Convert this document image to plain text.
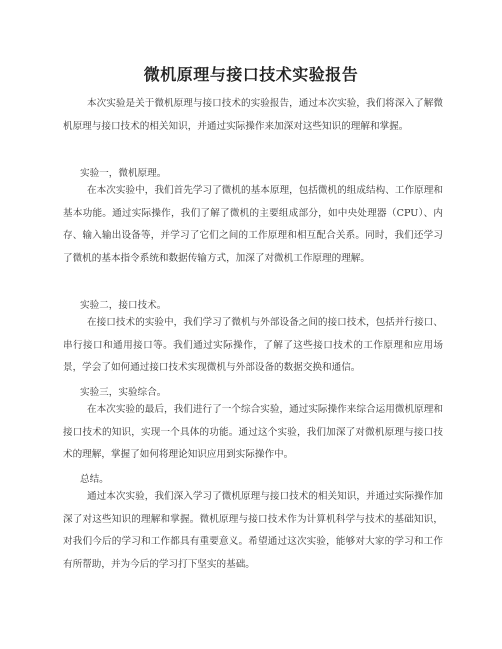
微机原理与接口技术实验报告
本次实验是关于微机原理与接口技术的实验报告，通过本次实验，我们将深入了解微机原理与接口技术的相关知识，并通过实际操作来加深对这些知识的理解和掌握。
实验一，微机原理。
在本次实验中，我们首先学习了微机的基本原理，包括微机的组成结构、工作原理和基本功能。通过实际操作，我们了解了微机的主要组成部分，如中央处理器（CPU）、内存、输入输出设备等，并学习了它们之间的工作原理和相互配合关系。同时，我们还学习了微机的基本指令系统和数据传输方式，加深了对微机工作原理的理解。
实验二，接口技术。
在接口技术的实验中，我们学习了微机与外部设备之间的接口技术，包括并行接口、串行接口和通用接口等。我们通过实际操作，了解了这些接口技术的工作原理和应用场景，学会了如何通过接口技术实现微机与外部设备的数据交换和通信。
实验三，实验综合。
在本次实验的最后，我们进行了一个综合实验，通过实际操作来综合运用微机原理和接口技术的知识，实现一个具体的功能。通过这个实验，我们加深了对微机原理与接口技术的理解，掌握了如何将理论知识应用到实际操作中。
总结。
通过本次实验，我们深入学习了微机原理与接口技术的相关知识，并通过实际操作加深了对这些知识的理解和掌握。微机原理与接口技术作为计算机科学与技术的基础知识，对我们今后的学习和工作都具有重要意义。希望通过这次实验，能够对大家的学习和工作有所帮助，并为今后的学习打下坚实的基础。
